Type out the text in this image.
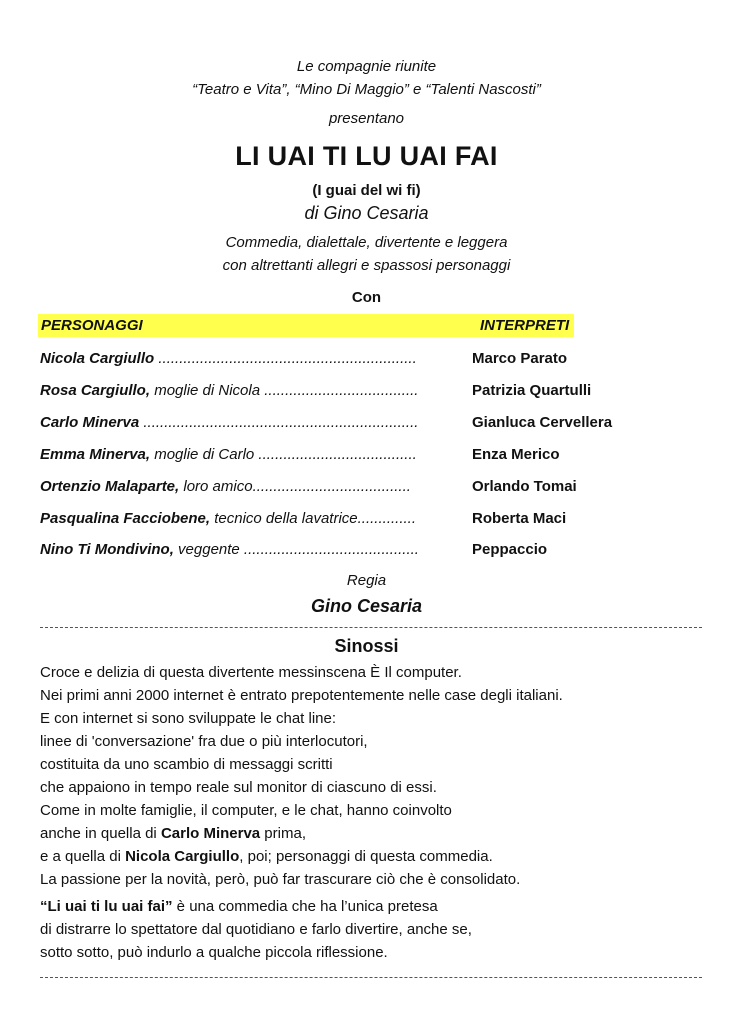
Le compagnie riunite
“Teatro e Vita”, “Mino Di Maggio” e “Talenti Nascosti”
presentano
LI UAI TI LU UAI FAI
(I guai del wi fi)
di Gino Cesaria
Commedia, dialettale, divertente e leggera
con altrettanti allegri e spassosi personaggi
Con
PERSONAGGI	INTERPRETI
Nicola Cargiullo ..............................................................	Marco Parato
Rosa Cargiullo, moglie di Nicola .....................................	Patrizia Quartulli
Carlo Minerva ..................................................................	Gianluca Cervellera
Emma Minerva, moglie di Carlo ......................................	Enza Merico
Ortenzio Malaparte, loro amico......................................	Orlando Tomai
Pasqualina Facciobene, tecnico della lavatrice..............	Roberta Maci
Nino Ti Mondivino, veggente ..........................................	Peppaccio
Regia
Gino Cesaria
Sinossi
Croce e delizia di questa divertente messinscena È Il computer.
Nei primi anni 2000 internet è entrato prepotentemente nelle case degli italiani.
E con internet si sono sviluppate le chat line:
linee di 'conversazione' fra due o più interlocutori,
costituita da uno scambio di messaggi scritti
che appaiono in tempo reale sul monitor di ciascuno di essi.
Come in molte famiglie, il computer, e le chat, hanno coinvolto
anche in quella di Carlo Minerva prima,
e a quella di Nicola Cargiullo, poi; personaggi di questa commedia.
La passione per la novità, però, può far trascurare ciò che è consolidato.
“Li uai ti lu uai fai” è una commedia che ha l’unica pretesa
di distrarre lo spettatore dal quotidiano e farlo divertire, anche se,
sotto sotto, può indurlo a qualche piccola riflessione.
